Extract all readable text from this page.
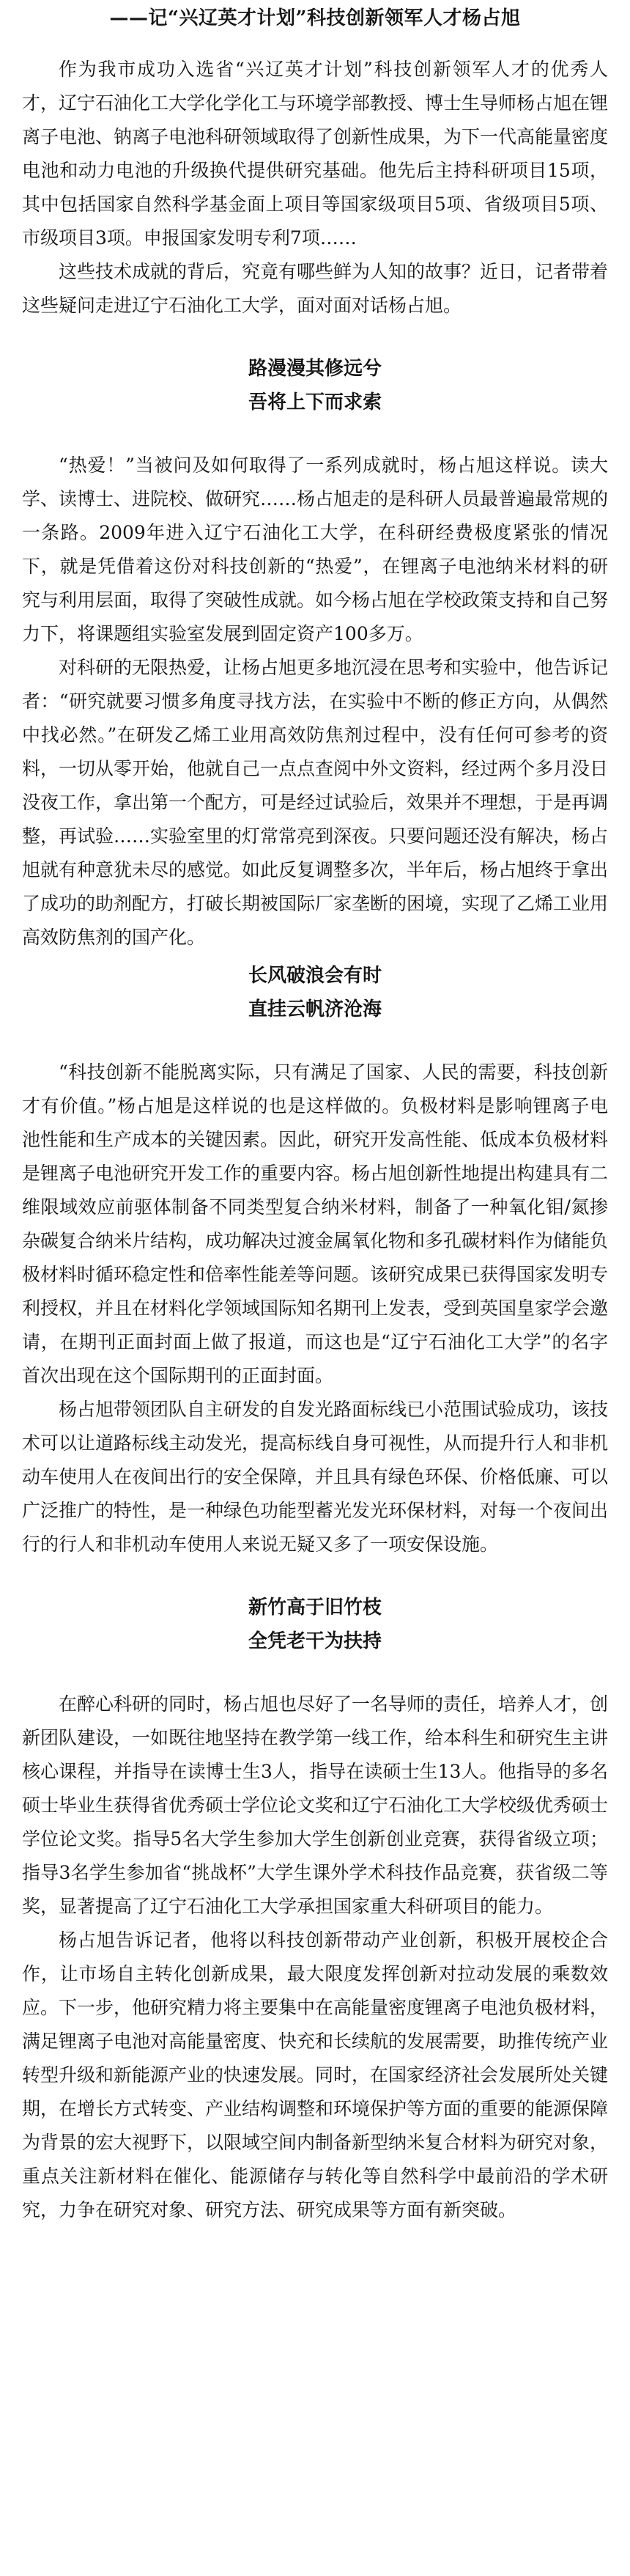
——记“兴辽英才计划”科技创新领军人才杨占旭

作为我市成功入选省“兴辽英才计划”科技创新领军人才的优秀人才，辽宁石油化工大学化学化工与环境学部教授、博士生导师杨占旭在锂离子电池、钠离子电池科研领域取得了创新性成果，为下一代高能量密度电池和动力电池的升级换代提供研究基础。他先后主持科研项目15项，其中包括国家自然科学基金面上项目等国家级项目5项、省级项目5项、市级项目3项。申报国家发明专利7项……

这些技术成就的背后，究竟有哪些鲜为人知的故事？近日，记者带着这些疑问走进辽宁石油化工大学，面对面对话杨占旭。

路漫漫其修远兮
吾将上下而求索

“热爱！”当被问及如何取得了一系列成就时，杨占旭这样说。读大学、读博士、进院校、做研究……杨占旭走的是科研人员最普遍最常规的一条路。2009年进入辽宁石油化工大学，在科研经费极度紧张的情况下，就是凭借着这份对科技创新的“热爱”，在锂离子电池纳米材料的研究与利用层面，取得了突破性成就。如今杨占旭在学校政策支持和自己努力下，将课题组实验室发展到固定资产100多万。

对科研的无限热爱，让杨占旭更多地沉浸在思考和实验中，他告诉记者：“研究就要习惯多角度寻找方法，在实验中不断的修正方向，从偶然中找必然。”在研发乙烯工业用高效防焦剂过程中，没有任何可参考的资料，一切从零开始，他就自己一点点查阅中外文资料，经过两个多月没日没夜工作，拿出第一个配方，可是经过试验后，效果并不理想，于是再调整，再试验……实验室里的灯常常亮到深夜。只要问题还没有解决，杨占旭就有种意犹未尽的感觉。如此反复调整多次，半年后，杨占旭终于拿出了成功的助剂配方，打破长期被国际厂家垄断的困境，实现了乙烯工业用高效防焦剂的国产化。

长风破浪会有时
直挂云帆济沧海

“科技创新不能脱离实际，只有满足了国家、人民的需要，科技创新才有价值。”杨占旭是这样说的也是这样做的。负极材料是影响锂离子电池性能和生产成本的关键因素。因此，研究开发高性能、低成本负极材料是锂离子电池研究开发工作的重要内容。杨占旭创新性地提出构建具有二维限域效应前驱体制备不同类型复合纳米材料，制备了一种氧化钼/氮掺杂碳复合纳米片结构，成功解决过渡金属氧化物和多孔碳材料作为储能负极材料时循环稳定性和倍率性能差等问题。该研究成果已获得国家发明专利授权，并且在材料化学领域国际知名期刊上发表，受到英国皇家学会邀请，在期刊正面封面上做了报道，而这也是“辽宁石油化工大学”的名字首次出现在这个国际期刊的正面封面。

杨占旭带领团队自主研发的自发光路面标线已小范围试验成功，该技术可以让道路标线主动发光，提高标线自身可视性，从而提升行人和非机动车使用人在夜间出行的安全保障，并且具有绿色环保、价格低廉、可以广泛推广的特性，是一种绿色功能型蓄光发光环保材料，对每一个夜间出行的行人和非机动车使用人来说无疑又多了一项安保设施。

新竹高于旧竹枝
全凭老干为扶持

在醉心科研的同时，杨占旭也尽好了一名导师的责任，培养人才，创新团队建设，一如既往地坚持在教学第一线工作，给本科生和研究生主讲核心课程，并指导在读博士生3人，指导在读硕士生13人。他指导的多名硕士毕业生获得省优秀硕士学位论文奖和辽宁石油化工大学校级优秀硕士学位论文奖。指导5名大学生参加大学生创新创业竞赛，获得省级立项；指导3名学生参加省“挑战杯”大学生课外学术科技作品竞赛，获省级二等奖，显著提高了辽宁石油化工大学承担国家重大科研项目的能力。

杨占旭告诉记者，他将以科技创新带动产业创新，积极开展校企合作，让市场自主转化创新成果，最大限度发挥创新对拉动发展的乘数效应。下一步，他研究精力将主要集中在高能量密度锂离子电池负极材料，满足锂离子电池对高能量密度、快充和长续航的发展需要，助推传统产业转型升级和新能源产业的快速发展。同时，在国家经济社会发展所处关键期，在增长方式转变、产业结构调整和环境保护等方面的重要的能源保障为背景的宏大视野下，以限域空间内制备新型纳米复合材料为研究对象，重点关注新材料在催化、能源储存与转化等自然科学中最前沿的学术研究，力争在研究对象、研究方法、研究成果等方面有新突破。
